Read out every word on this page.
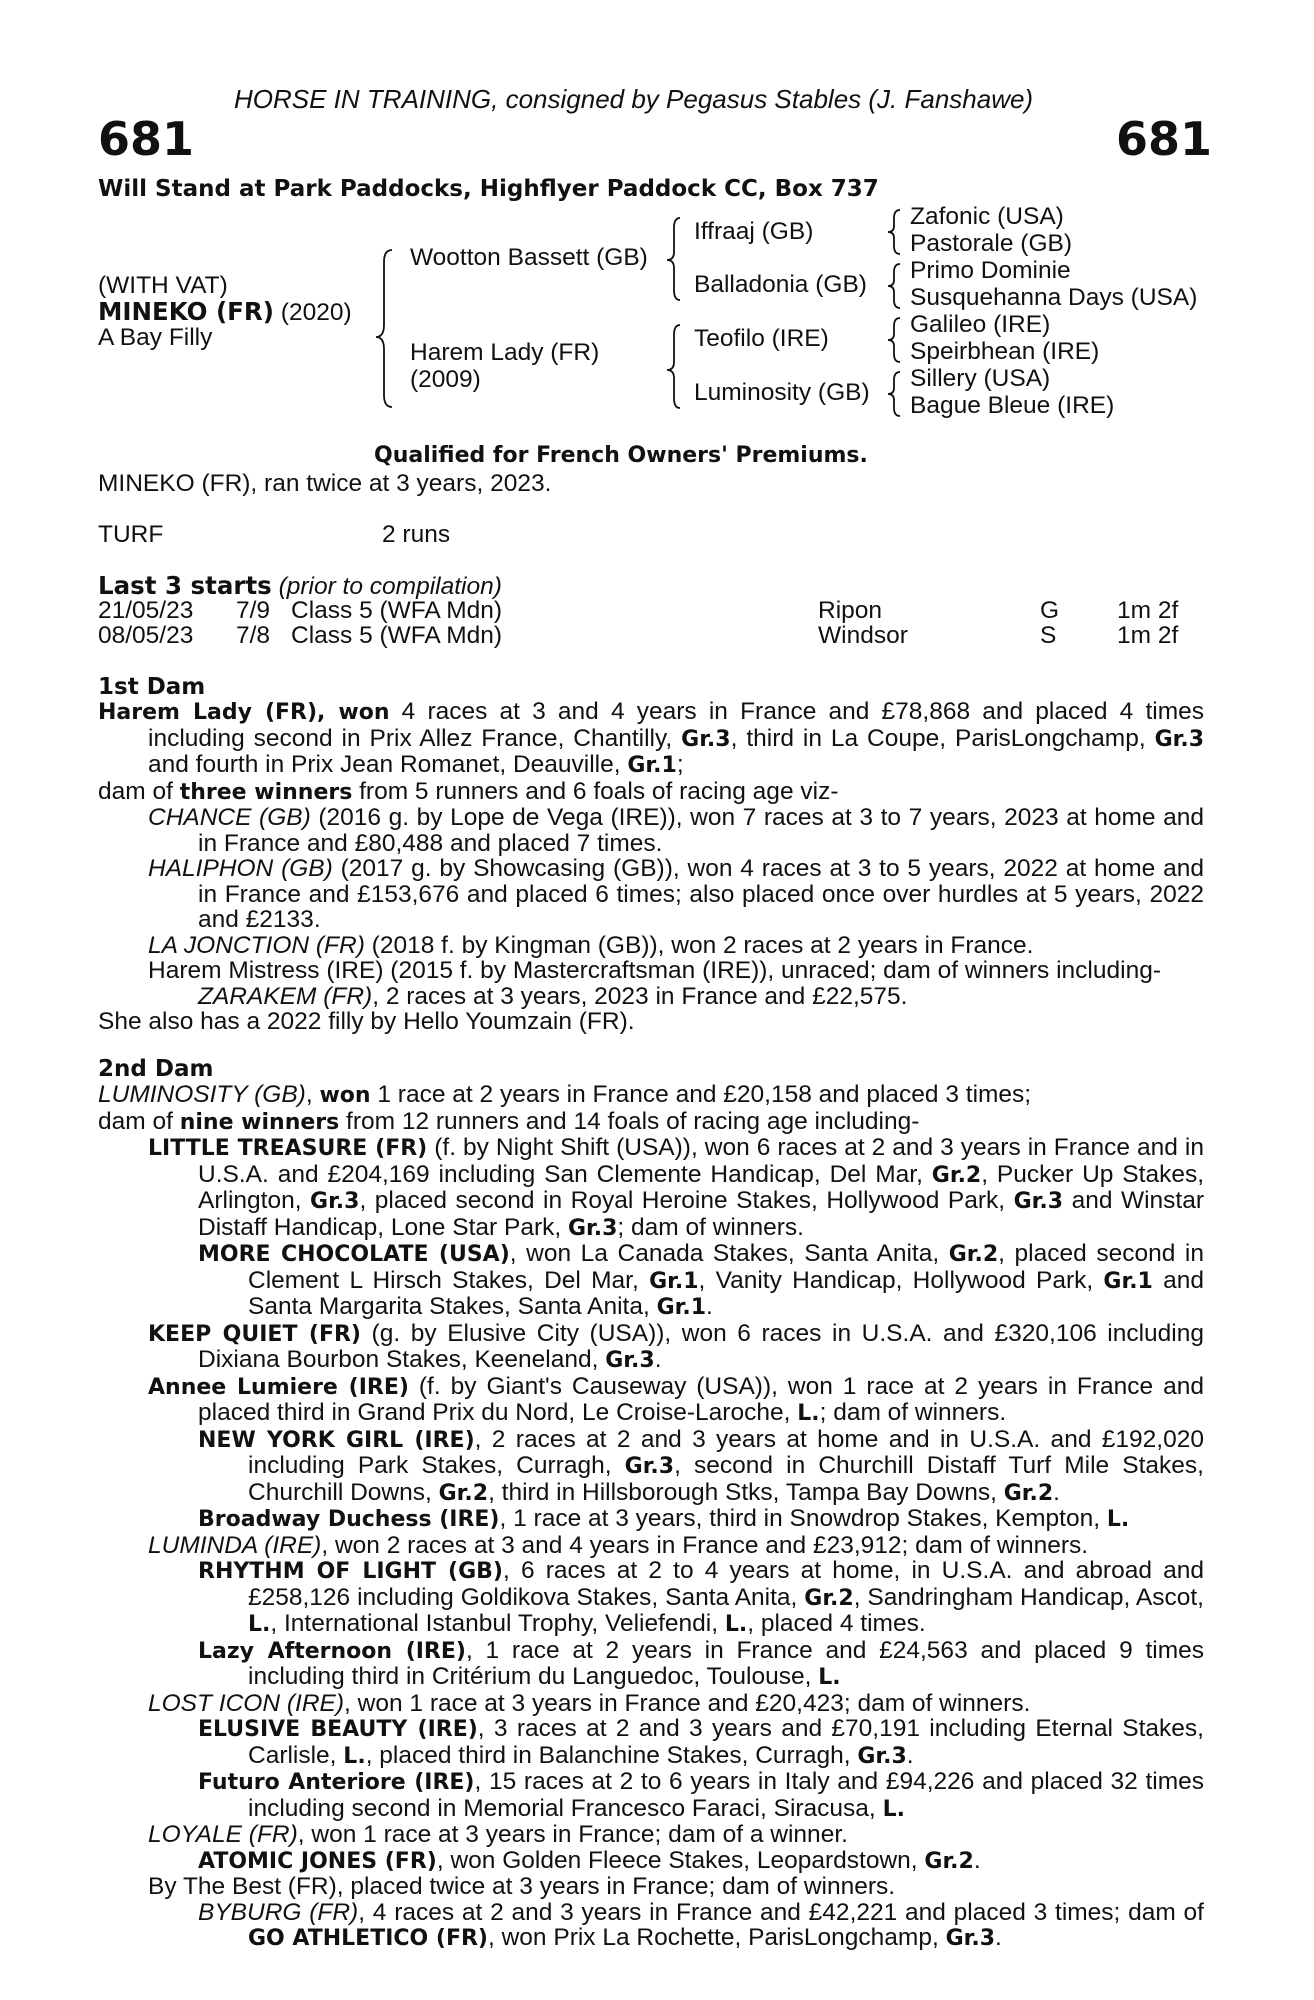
HORSE IN TRAINING, consigned by Pegasus Stables (J. Fanshawe)
681	681
Will Stand at Park Paddocks, Highflyer Paddock CC, Box 737
(WITH VAT)
MINEKO (FR) (2020)
A Bay Filly
Wootton Bassett (GB)
Harem Lady (FR)
(2009)
Iffraaj (GB)
Balladonia (GB)
Teofilo (IRE)
Luminosity (GB)
Zafonic (USA)
Pastorale (GB)
Primo Dominie
Susquehanna Days (USA)
Galileo (IRE)
Speirbhean (IRE)
Sillery (USA)
Bague Bleue (IRE)
Qualified for French Owners' Premiums.
MINEKO (FR), ran twice at 3 years, 2023.
TURF	2 runs
Last 3 starts (prior to compilation)
21/05/23 7/9 Class 5 (WFA Mdn)	Ripon	G 1m 2f
08/05/23 7/8 Class 5 (WFA Mdn)	Windsor	S 1m 2f
1st Dam

Harem Lady (FR), won 4 races at 3 and 4 years in France and £78,868 and placed 4 times including second in Prix Allez France, Chantilly, Gr.3, third in La Coupe, ParisLongchamp, Gr.3 and fourth in Prix Jean Romanet, Deauville, Gr.1;

dam of three winners from 5 runners and 6 foals of racing age viz-

CHANCE (GB) (2016 g. by Lope de Vega (IRE)), won 7 races at 3 to 7 years, 2023 at home and in France and £80,488 and placed 7 times.

HALIPHON (GB) (2017 g. by Showcasing (GB)), won 4 races at 3 to 5 years, 2022 at home and in France and £153,676 and placed 6 times; also placed once over hurdles at 5 years, 2022 and £2133.

LA JONCTION (FR) (2018 f. by Kingman (GB)), won 2 races at 2 years in France.

Harem Mistress (IRE) (2015 f. by Mastercraftsman (IRE)), unraced; dam of winners including-

ZARAKEM (FR), 2 races at 3 years, 2023 in France and £22,575.

She also has a 2022 filly by Hello Youmzain (FR).

2nd Dam

LUMINOSITY (GB), won 1 race at 2 years in France and £20,158 and placed 3 times;

dam of nine winners from 12 runners and 14 foals of racing age including-

LITTLE TREASURE (FR) (f. by Night Shift (USA)), won 6 races at 2 and 3 years in France and in U.S.A. and £204,169 including San Clemente Handicap, Del Mar, Gr.2, Pucker Up Stakes, Arlington, Gr.3, placed second in Royal Heroine Stakes, Hollywood Park, Gr.3 and Winstar Distaff Handicap, Lone Star Park, Gr.3; dam of winners.

MORE CHOCOLATE (USA), won La Canada Stakes, Santa Anita, Gr.2, placed second in Clement L Hirsch Stakes, Del Mar, Gr.1, Vanity Handicap, Hollywood Park, Gr.1 and Santa Margarita Stakes, Santa Anita, Gr.1.

KEEP QUIET (FR) (g. by Elusive City (USA)), won 6 races in U.S.A. and £320,106 including Dixiana Bourbon Stakes, Keeneland, Gr.3.

Annee Lumiere (IRE) (f. by Giant's Causeway (USA)), won 1 race at 2 years in France and placed third in Grand Prix du Nord, Le Croise-Laroche, L.; dam of winners.

NEW YORK GIRL (IRE), 2 races at 2 and 3 years at home and in U.S.A. and £192,020 including Park Stakes, Curragh, Gr.3, second in Churchill Distaff Turf Mile Stakes, Churchill Downs, Gr.2, third in Hillsborough Stks, Tampa Bay Downs, Gr.2.

Broadway Duchess (IRE), 1 race at 3 years, third in Snowdrop Stakes, Kempton, L.

LUMINDA (IRE), won 2 races at 3 and 4 years in France and £23,912; dam of winners.

RHYTHM OF LIGHT (GB), 6 races at 2 to 4 years at home, in U.S.A. and abroad and £258,126 including Goldikova Stakes, Santa Anita, Gr.2, Sandringham Handicap, Ascot, L., International Istanbul Trophy, Veliefendi, L., placed 4 times.

Lazy Afternoon (IRE), 1 race at 2 years in France and £24,563 and placed 9 times including third in Critérium du Languedoc, Toulouse, L.

LOST ICON (IRE), won 1 race at 3 years in France and £20,423; dam of winners.

ELUSIVE BEAUTY (IRE), 3 races at 2 and 3 years and £70,191 including Eternal Stakes, Carlisle, L., placed third in Balanchine Stakes, Curragh, Gr.3.

Futuro Anteriore (IRE), 15 races at 2 to 6 years in Italy and £94,226 and placed 32 times including second in Memorial Francesco Faraci, Siracusa, L.

LOYALE (FR), won 1 race at 3 years in France; dam of a winner.

ATOMIC JONES (FR), won Golden Fleece Stakes, Leopardstown, Gr.2.

By The Best (FR), placed twice at 3 years in France; dam of winners.

BYBURG (FR), 4 races at 2 and 3 years in France and £42,221 and placed 3 times; dam of GO ATHLETICO (FR), won Prix La Rochette, ParisLongchamp, Gr.3.
